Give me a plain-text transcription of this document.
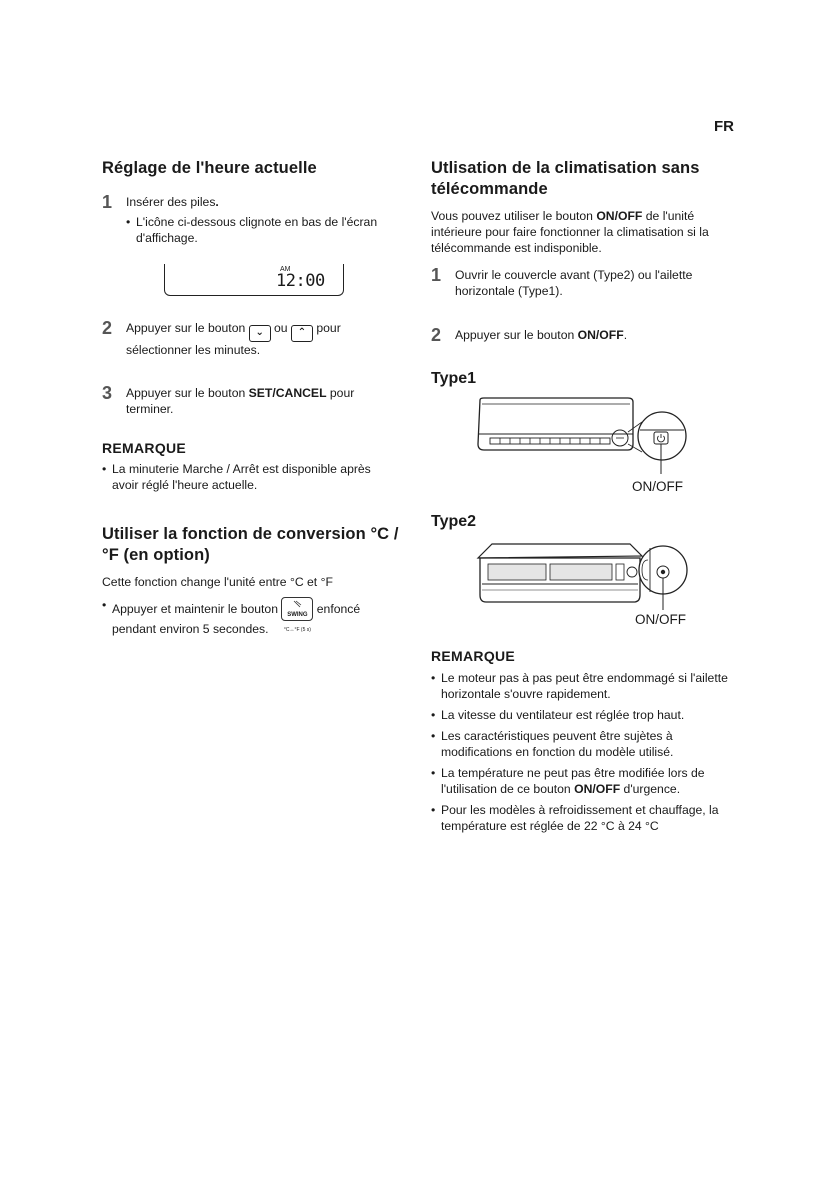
FR
Réglage de l'heure actuelle
1	Insérer des piles.
• L'icône ci-dessous clignote en bas de l'écran d'affichage.
AM
12:00
2	Appuyer sur le bouton ⌄ ou ⌃ pour sélectionner les minutes.
3	Appuyer sur le bouton SET/CANCEL pour terminer.
REMARQUE
• La minuterie Marche / Arrêt est disponible après avoir réglé l'heure actuelle.
Utiliser la fonction de conversion °C / °F (en option)

Cette fonction change l'unité entre °C et °F

• Appuyer et maintenir le bouton	SWING
°C↔°F (5 s)
enfoncé pendant environ 5 secondes.
Utlisation de la climatisation sans télécommande

Vous pouvez utiliser le bouton ON/OFF de l'unité intérieure pour faire fonctionner la climatisation si la télécommande est indisponible.

1	Ouvrir le couvercle avant (Type2) ou l'ailette horizontale (Type1).
2	Appuyer sur le bouton ON/OFF.
Type1
ON/OFF
Type2
ON/OFF
REMARQUE
• Le moteur pas à pas peut être endommagé si l'ailette horizontale s'ouvre rapidement.
• La vitesse du ventilateur est réglée trop haut.
• Les caractéristiques peuvent être sujètes à modifications en fonction du modèle utilisé.
• La température ne peut pas être modifiée lors de l'utilisation de ce bouton ON/OFF d'urgence.
• Pour les modèles à refroidissement et chauffage, la température est réglée de 22 °C à 24 °C
